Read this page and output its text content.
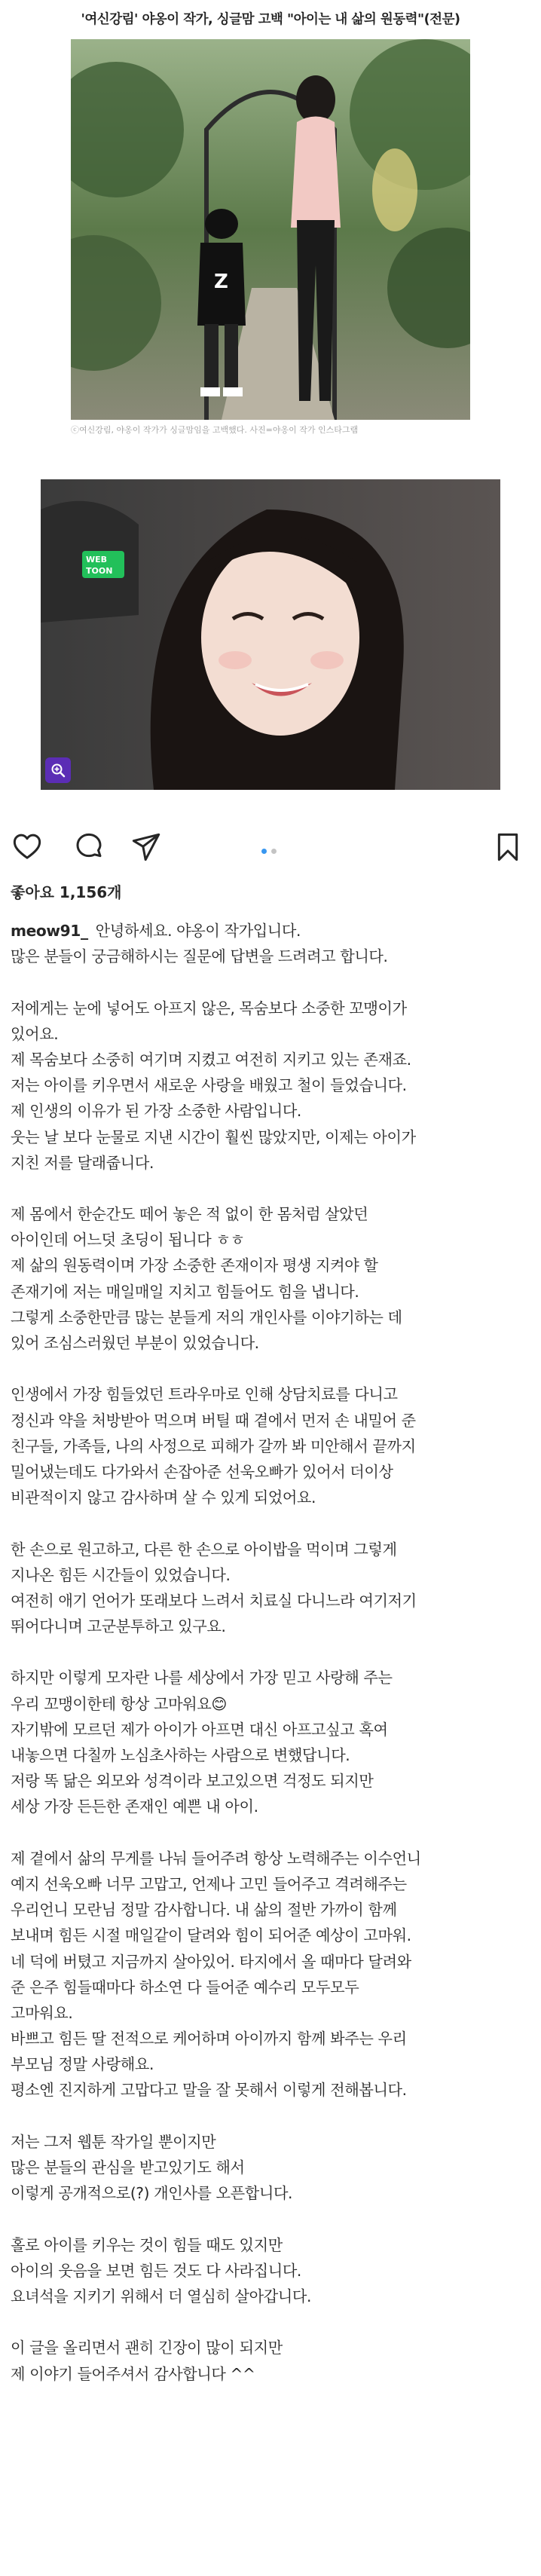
'여신강림' 야옹이 작가, 싱글맘 고백 "아이는 내 삶의 원동력"(전문)
Z
ⓒ여신강림, 야옹이 작가가 싱글맘임을 고백했다. 사진=야옹이 작가 인스타그램
WEB
TOON
좋아요 1,156개
meow91_ 안녕하세요. 야옹이 작가입니다.
많은 분들이 궁금해하시는 질문에 답변을 드려려고 합니다.
저에게는 눈에 넣어도 아프지 않은, 목숨보다 소중한 꼬맹이가
있어요.
제 목숨보다 소중히 여기며 지켰고 여전히 지키고 있는 존재죠.
저는 아이를 키우면서 새로운 사랑을 배웠고 철이 들었습니다.
제 인생의 이유가 된 가장 소중한 사람입니다.
웃는 날 보다 눈물로 지낸 시간이 훨씬 많았지만, 이제는 아이가
지친 저를 달래줍니다.
제 몸에서 한순간도 떼어 놓은 적 없이 한 몸처럼 살았던
아이인데 어느덧 초딩이 됩니다 ㅎㅎ
제 삶의 원동력이며 가장 소중한 존재이자 평생 지켜야 할
존재기에 저는 매일매일 지치고 힘들어도 힘을 냅니다.
그렇게 소중한만큼 많는 분들게 저의 개인사를 이야기하는 데
있어 조심스러웠던 부분이 있었습니다.
인생에서 가장 힘들었던 트라우마로 인해 상담치료를 다니고
정신과 약을 처방받아 먹으며 버틸 때 곁에서 먼저 손 내밀어 준
친구들, 가족들, 나의 사정으로 피해가 갈까 봐 미안해서 끝까지
밀어냈는데도 다가와서 손잡아준 선욱오빠가 있어서 더이상
비관적이지 않고 감사하며 살 수 있게 되었어요.
한 손으로 원고하고, 다른 한 손으로 아이밥을 먹이며 그렇게
지나온 힘든 시간들이 있었습니다.
여전히 애기 언어가 또래보다 느려서 치료실 다니느라 여기저기
뛰어다니며 고군분투하고 있구요.
하지만 이렇게 모자란 나를 세상에서 가장 믿고 사랑해 주는
우리 꼬맹이한테 항상 고마워요😊
자기밖에 모르던 제가 아이가 아프면 대신 아프고싶고 혹여
내놓으면 다칠까 노심초사하는 사람으로 변했답니다.
저랑 똑 닮은 외모와 성격이라 보고있으면 걱정도 되지만
세상 가장 든든한 존재인 예쁜 내 아이.
제 곁에서 삶의 무게를 나눠 들어주려 항상 노력해주는 이수언니
예지 선욱오빠 너무 고맙고, 언제나 고민 들어주고 격려해주는
우리언니 모란님 정말 감사합니다. 내 삶의 절반 가까이 함께
보내며 힘든 시절 매일같이 달려와 힘이 되어준 예상이 고마워.
네 덕에 버텼고 지금까지 살아있어. 타지에서 올 때마다 달려와
준 은주 힘들때마다 하소연 다 들어준 예수리 모두모두
고마워요.
바쁘고 힘든 딸 전적으로 케어하며 아이까지 함께 봐주는 우리
부모님 정말 사랑해요.
평소엔 진지하게 고맙다고 말을 잘 못해서 이렇게 전해봅니다.
저는 그저 웹툰 작가일 뿐이지만
많은 분들의 관심을 받고있기도 해서
이렇게 공개적으로(?) 개인사를 오픈합니다.
홀로 아이를 키우는 것이 힘들 때도 있지만
아이의 웃음을 보면 힘든 것도 다 사라집니다.
요녀석을 지키기 위해서 더 열심히 살아갑니다.
이 글을 올리면서 괜히 긴장이 많이 되지만
제 이야기 들어주셔서 감사합니다 ^^
